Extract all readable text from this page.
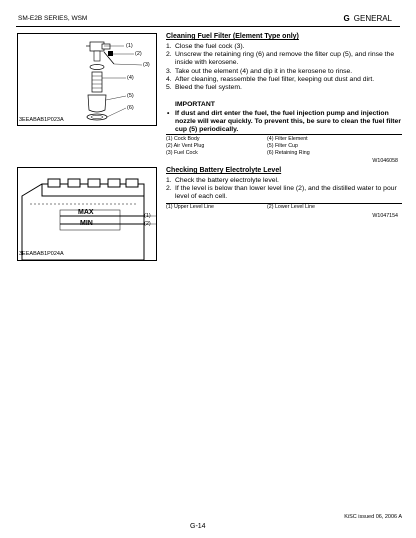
SM-E2B SERIES, WSM	G GENERAL
(1)
(2)
(3)
(4)
(5)
(6)
3EEABAB1P023A
Cleaning Fuel Filter (Element Type only)
1. Close the fuel cock (3).
2. Unscrew the retaining ring (6) and remove the filter cup (5), and rinse the inside with kerosene.
3. Take out the element (4) and dip it in the kerosene to rinse.
4. After cleaning, reassemble the fuel filter, keeping out dust and dirt.
5. Bleed the fuel system.
IMPORTANT
• If dust and dirt enter the fuel, the fuel injection pump and injection nozzle will wear quickly. To prevent this, be sure to clean the fuel filter cup (5) periodically.
(1) Cock Body
(2) Air Vent Plug
(3) Fuel Cock
(4) Filter Element
(5) Filter Cup
(6) Retaining Ring
W1046058
MAX
MIN
(1)
(2)
3EEABAB1P024A
Checking Battery Electrolyte Level
1. Check the battery electrolyte level.
2. If the level is below than lower level line (2), and the distilled water to pour level of each cell.
(1) Upper Level Line	(2) Lower Level Line
W1047154
KiSC issued 06, 2006 A
G-14
